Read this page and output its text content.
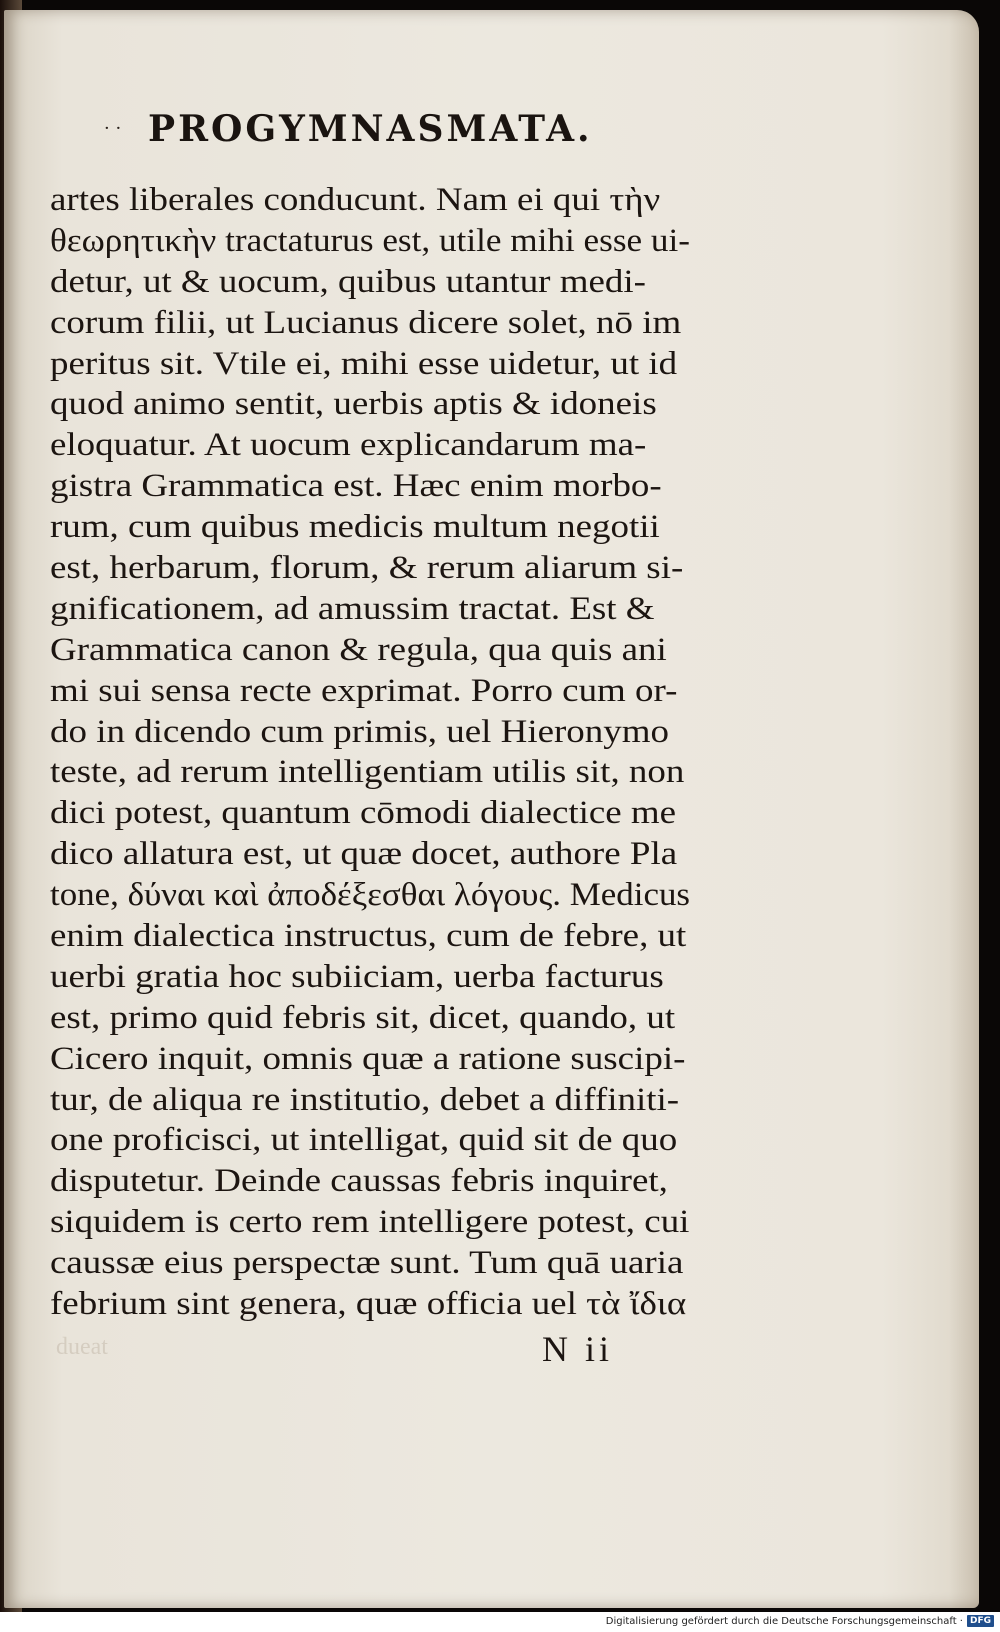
· · PROGYMNASMATA.
artes liberales conducunt. Nam ei qui τὴν
θεωρητικὴν tractaturus est, utile mihi esse ui-
detur, ut & uocum, quibus utantur medi-
corum filii, ut Lucianus dicere solet, nō im
peritus sit. Vtile ei, mihi esse uidetur, ut id
quod animo sentit, uerbis aptis & idoneis
eloquatur. At uocum explicandarum ma-
gistra Grammatica est. Hæc enim morbo-
rum, cum quibus medicis multum negotii
est, herbarum, florum, & rerum aliarum si-
gnificationem, ad amussim tractat. Est &
Grammatica canon & regula, qua quis ani
mi sui sensa recte exprimat. Porro cum or-
do in dicendo cum primis, uel Hieronymo
teste, ad rerum intelligentiam utilis sit, non
dici potest, quantum cōmodi dialectice me
dico allatura est, ut quæ docet, authore Pla
tone, δύναι καὶ ἀποδέξεσθαι λόγους. Medicus
enim dialectica instructus, cum de febre, ut
uerbi gratia hoc subiiciam, uerba facturus
est, primo quid febris sit, dicet, quando, ut
Cicero inquit, omnis quæ a ratione suscipi-
tur, de aliqua re institutio, debet a diffiniti-
one proficisci, ut intelligat, quid sit de quo
disputetur. Deinde caussas febris inquiret,
siquidem is certo rem intelligere potest, cui
caussæ eius perspectæ sunt. Tum quā uaria
febrium sint genera, quæ officia uel τὰ ἴδια
dueat	N ii
Digitalisierung gefördert durch die Deutsche Forschungsgemeinschaft · DFG
